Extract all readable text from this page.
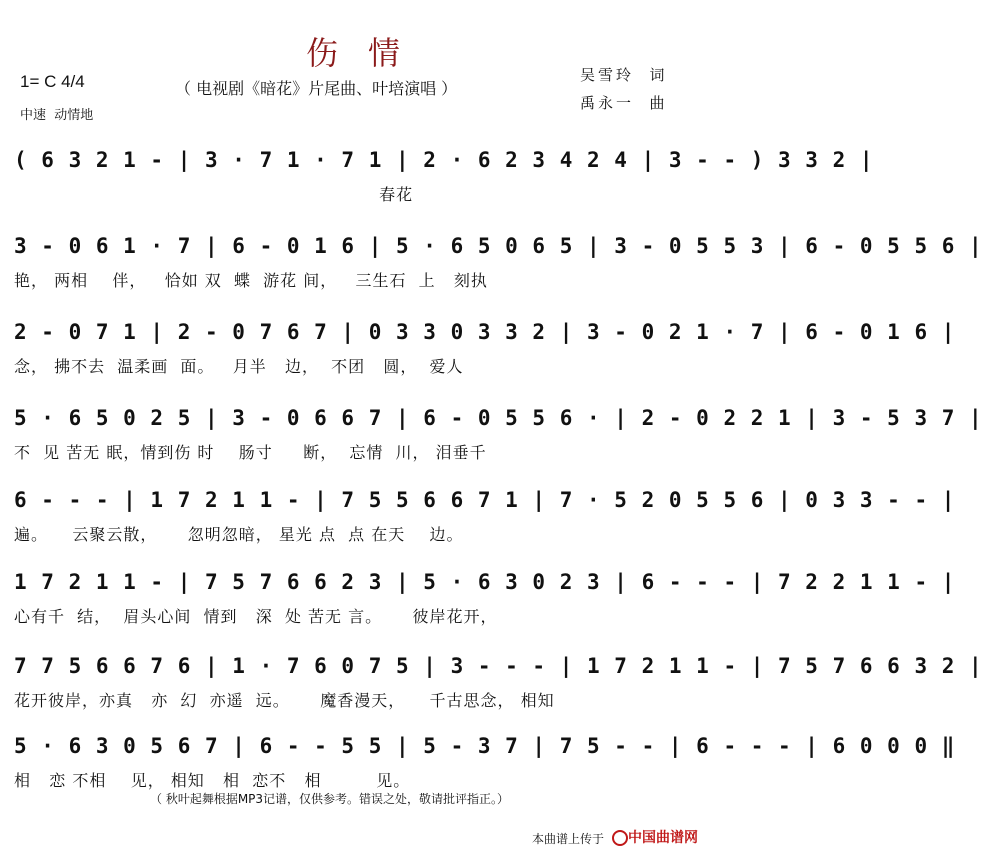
伤情
1= C 4/4	（ 电视剧《暗花》片尾曲、叶培演唱 ）
中速  动情地
吴雪玲  词
禹永一  曲
( 6 3 2 1 - | 3 · 7 1 · 7 1 | 2 · 6 2 3 4 2 4 | 3 - - ) 3 3 2 |
春花
3 - 0 6 1 · 7 | 6 - 0 1 6 | 5 · 6 5 0 6 5 | 3 - 0 5 5 3 | 6 - 0 5 5 6 |
艳， 两相    伴，   恰如 双  蝶  游花 间，   三生石  上   刻执
2 - 0 7 1 | 2 - 0 7 6 7 | 0 3 3 0 3 3 2 | 3 - 0 2 1 · 7 | 6 - 0 1 6 |
念， 拂不去  温柔画  面。   月半   边，  不团   圆，  爱人
5 · 6 5 0 2 5 | 3 - 0 6 6 7 | 6 - 0 5 5 6 · | 2 - 0 2 2 1 | 3 - 5 3 7 |
不  见 苦无 眠，情到伤 时    肠寸     断，  忘情  川， 泪垂千
6 - - - | 1 7 2 1 1 - | 7 5 5 6 6 7 1 | 7 · 5 2 0 5 5 6 | 0 3 3 - - |
遍。    云聚云散，     忽明忽暗， 星光 点  点 在天    边。
1 7 2 1 1 - | 7 5 7 6 6 2 3 | 5 · 6 3 0 2 3 | 6 - - - | 7 2 2 1 1 - |
心有千  结，  眉头心间  情到   深  处 苦无 言。     彼岸花开，
7 7 5 6 6 7 6 | 1 · 7 6 0 7 5 | 3 - - - | 1 7 2 1 1 - | 7 5 7 6 6 3 2 |
花开彼岸，亦真   亦  幻  亦遥  远。     魔香漫天，    千古思念， 相知
5 · 6 3 0 5 6 7 | 6 - - 5 5 | 5 - 3 7 | 7 5 - - | 6 - - - | 6 0 0 0 ‖
相   恋 不相    见， 相知   相  恋不   相         见。
（ 秋叶起舞根据MP3记谱，仅供参考。错误之处，敬请批评指正。）
本曲谱上传于 中国曲谱网
